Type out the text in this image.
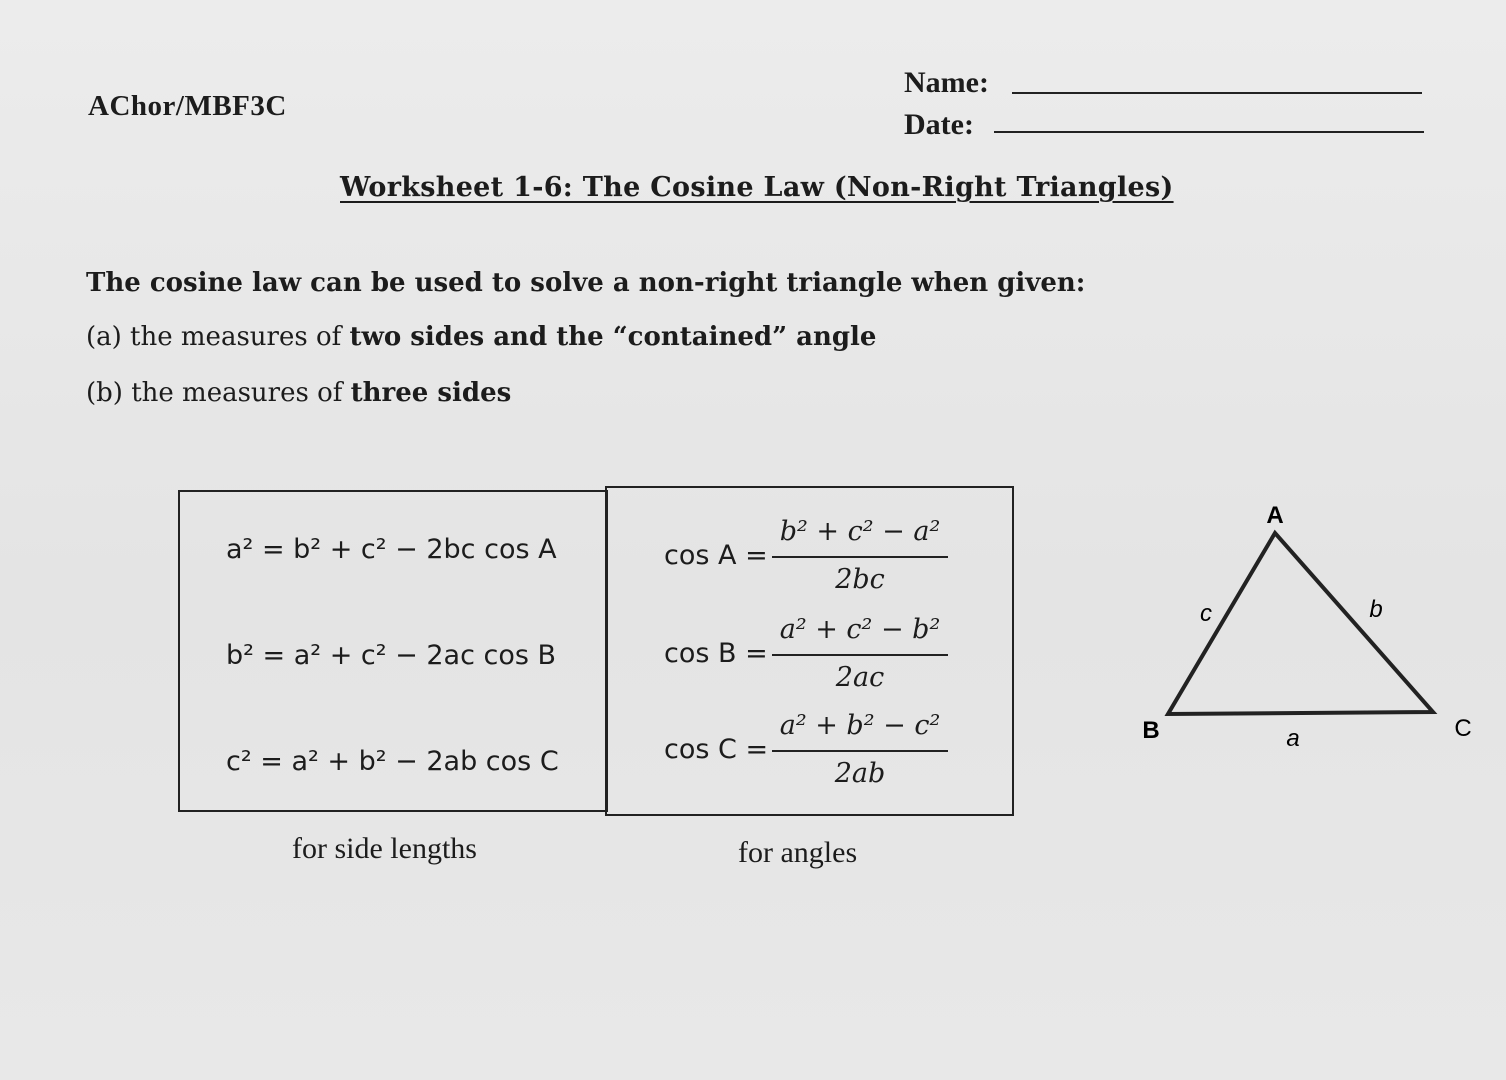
AChor/MBF3C
Name:
Date:
Worksheet 1-6: The Cosine Law (Non-Right Triangles)
The cosine law can be used to solve a non-right triangle when given:
(a) the measures of two sides and the “contained” angle
(b) the measures of three sides
a² = b² + c² − 2bc cos A
b² = a² + c² − 2ac cos B
c² = a² + b² − 2ab cos C
cos A =
b² + c² − a²
2bc
cos B =
a² + c² − b²
2ac
cos C =
a² + b² − c²
2ab
for side lengths	for angles
A
B	C
c	b
a
